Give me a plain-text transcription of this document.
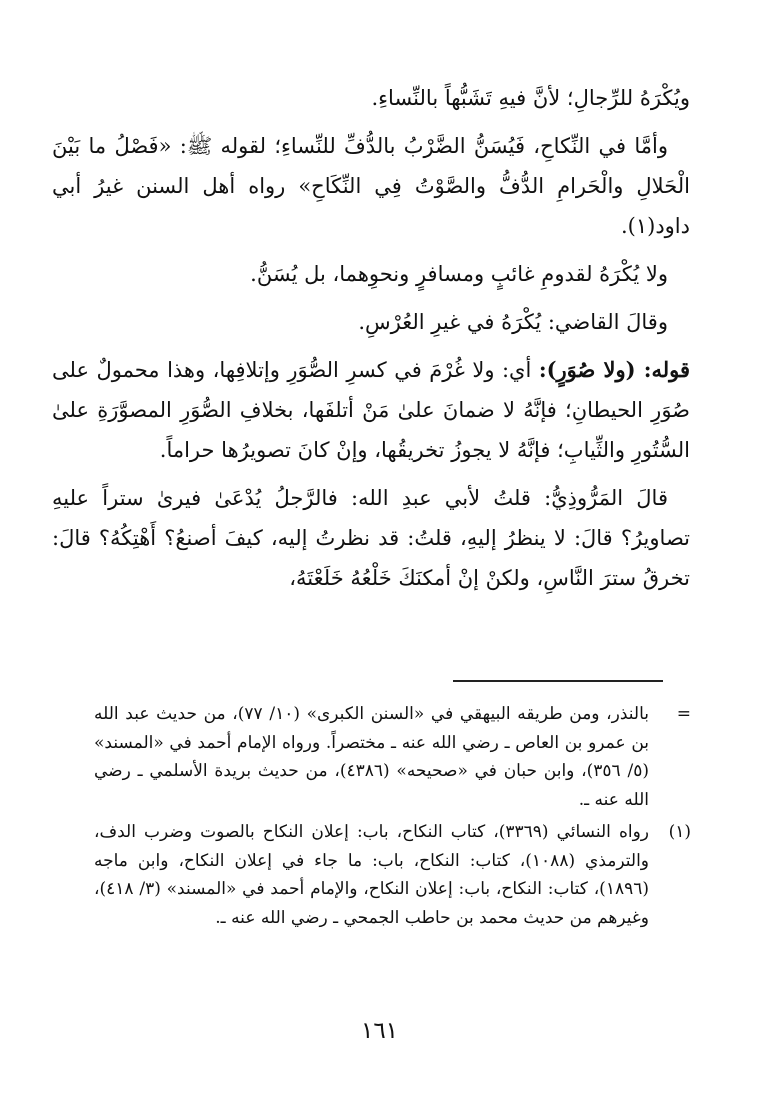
ويُكْرَهُ للرِّجالِ؛ لأنَّ فيهِ تَشَبُّهاً بالنِّساءِ.

وأمَّا في النِّكاحِ، فَيُسَنُّ الضَّرْبُ بالدُّفِّ للنِّساءِ؛ لقوله ﷺ: «فَصْلُ ما بَيْنَ الْحَلالِ والْحَرامِ الدُّفُّ والصَّوْتُ فِي النِّكَاحِ» رواه أهل السنن غيرُ أبي داود(١).

ولا يُكْرَهُ لقدومِ غائبٍ ومسافرٍ ونحوِهما، بل يُسَنُّ.

وقالَ القاضي: يُكْرَهُ في غيرِ العُرْسِ.

قوله: (ولا صُوَرٍ): أي: ولا غُرْمَ في كسرِ الصُّوَرِ وإتلافِها، وهذا محمولٌ على صُوَرِ الحيطانِ؛ فإنَّهُ لا ضمانَ علىٰ مَنْ أتلفَها، بخلافِ الصُّوَرِ المصوَّرَةِ علىٰ السُّتُورِ والثِّيابِ؛ فإنَّهُ لا يجوزُ تخريقُها، وإنْ كانَ تصويرُها حراماً.

قالَ المَرُّوذِيُّ: قلتُ لأبي عبدِ الله: فالرَّجلُ يُدْعَىٰ فيرىٰ ستراً عليهِ تصاويرُ؟ قالَ: لا ينظرُ إليهِ، قلتُ: قد نظرتُ إليه، كيفَ أصنعُ؟ أَهْتِكُهُ؟ قالَ: تخرقُ سترَ النَّاسِ، ولكنْ إنْ أمكنَكَ خَلْعُهُ خَلَعْتَهُ،

=
بالنذر، ومن طريقه البيهقي في «السنن الكبرى» (١٠/ ٧٧)، من حديث عبد الله بن عمرو بن العاص ـ رضي الله عنه ـ مختصراً. ورواه الإمام أحمد في «المسند» (٥/ ٣٥٦)، وابن حبان في «صحيحه» (٤٣٨٦)، من حديث بريدة الأسلمي ـ رضي الله عنه ـ.
(١)
رواه النسائي (٣٣٦٩)، كتاب النكاح، باب: إعلان النكاح بالصوت وضرب الدف، والترمذي (١٠٨٨)، كتاب: النكاح، باب: ما جاء في إعلان النكاح، وابن ماجه (١٨٩٦)، كتاب: النكاح، باب: إعلان النكاح، والإمام أحمد في «المسند» (٣/ ٤١٨)، وغيرهم من حديث محمد بن حاطب الجمحي ـ رضي الله عنه ـ.
١٦١
